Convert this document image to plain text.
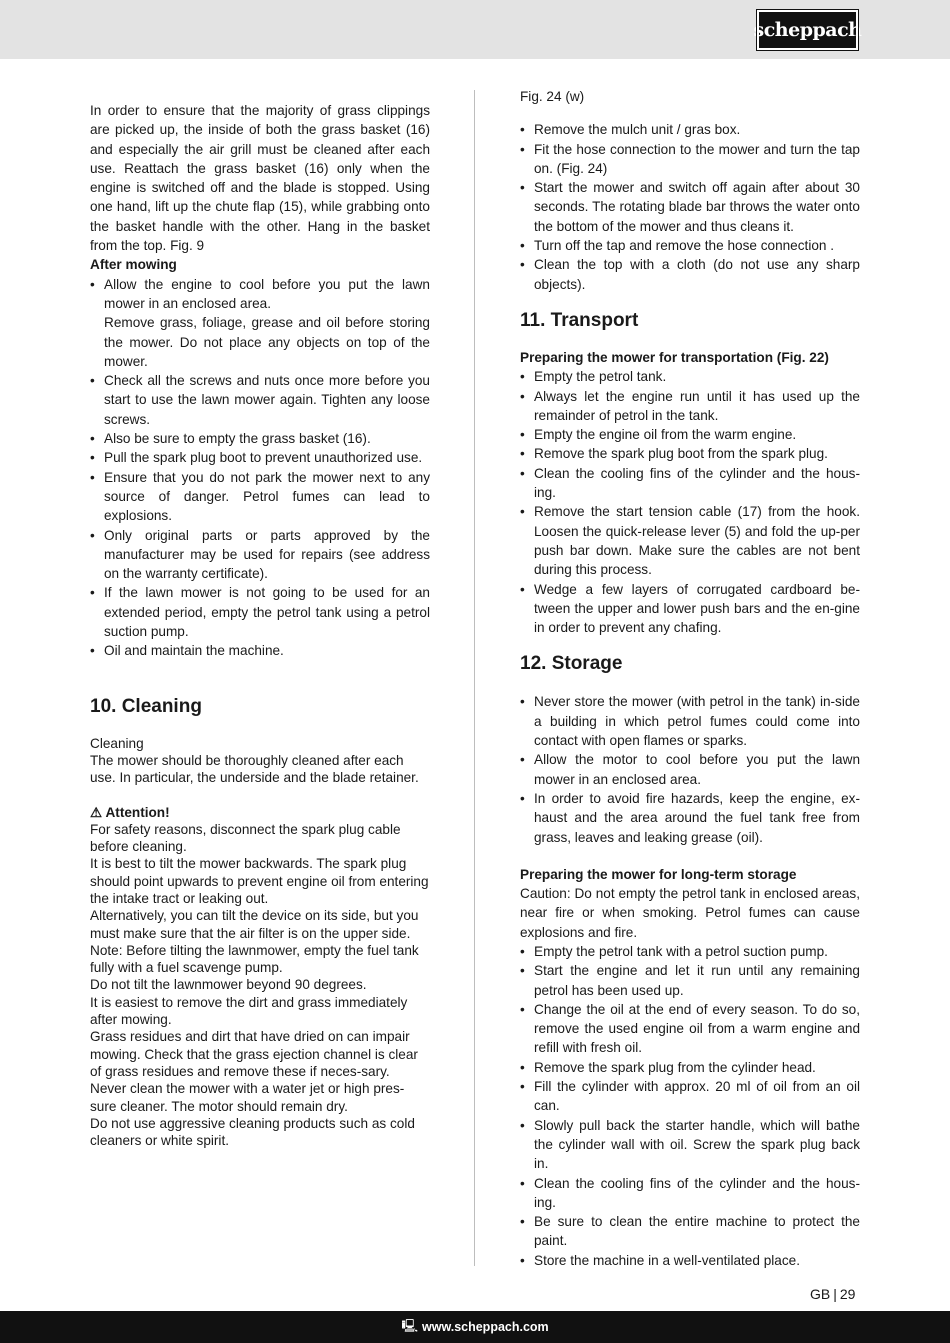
scheppach

In order to ensure that the majority of grass clippings are picked up, the inside of both the grass basket (16) and especially the air grill must be cleaned after each use. Reattach the grass basket (16) only when the engine is switched off and the blade is stopped. Using one hand, lift up the chute flap (15), while grabbing onto the basket handle with the other. Hang in the basket from the top. Fig. 9

After mowing

• Allow the engine to cool before you put the lawn mower in an enclosed area.
Remove grass, foliage, grease and oil before storing the mower. Do not place any objects on top of the mower.
• Check all the screws and nuts once more before you start to use the lawn mower again. Tighten any loose screws.
• Also be sure to empty the grass basket (16).
• Pull the spark plug boot to prevent unauthorized use.
• Ensure that you do not park the mower next to any source of danger. Petrol fumes can lead to explosions.
• Only original parts or parts approved by the manufacturer may be used for repairs (see address on the warranty certificate).
• If the lawn mower is not going to be used for an extended period, empty the petrol tank using a petrol suction pump.
• Oil and maintain the machine.
10. Cleaning

Cleaning

The mower should be thoroughly cleaned after each use. In particular, the underside and the blade retainer.

⚠ Attention!

For safety reasons, disconnect the spark plug cable before cleaning.

It is best to tilt the mower backwards. The spark plug should point upwards to prevent engine oil from entering the intake tract or leaking out.

Alternatively, you can tilt the device on its side, but you must make sure that the air filter is on the upper side.

Note: Before tilting the lawnmower, empty the fuel tank fully with a fuel scavenge pump.

Do not tilt the lawnmower beyond 90 degrees.

It is easiest to remove the dirt and grass immediately after mowing.

Grass residues and dirt that have dried on can impair mowing. Check that the grass ejection channel is clear of grass residues and remove these if neces-sary.

Never clean the mower with a water jet or high pres-sure cleaner. The motor should remain dry.

Do not use aggressive cleaning products such as cold cleaners or white spirit.

Fig. 24 (w)

• Remove the mulch unit / gras box.
• Fit the hose connection to the mower and turn the tap on. (Fig. 24)
• Start the mower and switch off again after about 30 seconds. The rotating blade bar throws the water onto the bottom of the mower and thus cleans it.
• Turn off the tap and remove the hose connection .
• Clean the top with a cloth (do not use any sharp objects).
11. Transport

Preparing the mower for transportation (Fig. 22)

• Empty the petrol tank.
• Always let the engine run until it has used up the remainder of petrol in the tank.
• Empty the engine oil from the warm engine.
• Remove the spark plug boot from the spark plug.
• Clean the cooling fins of the cylinder and the hous-ing.
• Remove the start tension cable (17) from the hook. Loosen the quick-release lever (5) and fold the up-per push bar down. Make sure the cables are not bent during this process.
• Wedge a few layers of corrugated cardboard be-tween the upper and lower push bars and the en-gine in order to prevent any chafing.
12. Storage
• Never store the mower (with petrol in the tank) in-side a building in which petrol fumes could come into contact with open flames or sparks.
• Allow the motor to cool before you put the lawn mower in an enclosed area.
• In order to avoid fire hazards, keep the engine, ex-haust and the area around the fuel tank free from grass, leaves and leaking grease (oil).

Preparing the mower for long-term storage

Caution: Do not empty the petrol tank in enclosed areas, near fire or when smoking. Petrol fumes can cause explosions and fire.

• Empty the petrol tank with a petrol suction pump.
• Start the engine and let it run until any remaining petrol has been used up.
• Change the oil at the end of every season. To do so, remove the used engine oil from a warm engine and refill with fresh oil.
• Remove the spark plug from the cylinder head.
• Fill the cylinder with approx. 20 ml of oil from an oil can.
• Slowly pull back the starter handle, which will bathe the cylinder wall with oil. Screw the spark plug back in.
• Clean the cooling fins of the cylinder and the hous-ing.
• Be sure to clean the entire machine to protect the paint.
• Store the machine in a well-ventilated place.
GB | 29
🖳 www.scheppach.com
